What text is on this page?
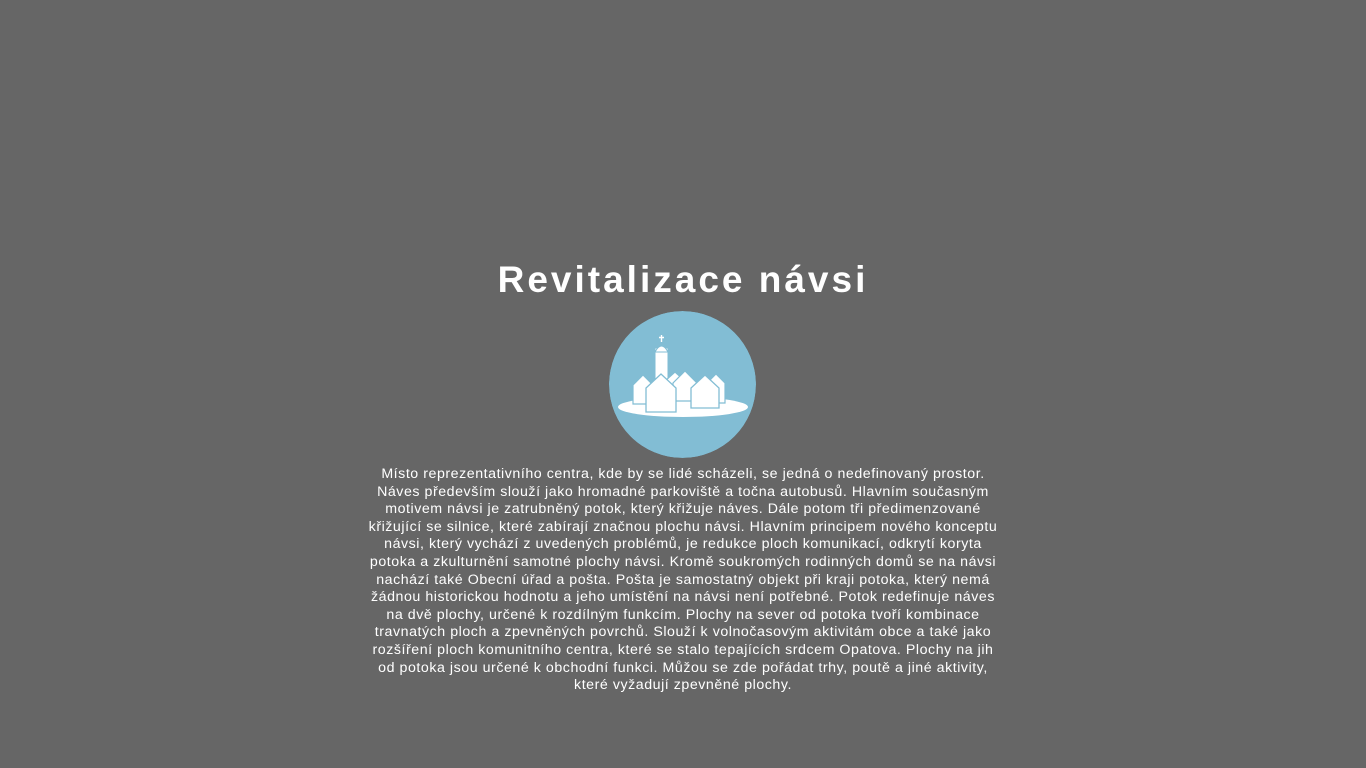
Revitalizace návsi
Místo reprezentativního centra, kde by se lidé scházeli, se jedná o nedefinovaný prostor.
Náves především slouží jako hromadné parkoviště a točna autobusů. Hlavním současným
motivem návsi je zatrubněný potok, který křižuje náves. Dále potom tři předimenzované
křižující se silnice, které zabírají značnou plochu návsi. Hlavním principem nového konceptu
návsi, který vychází z uvedených problémů, je redukce ploch komunikací, odkrytí koryta
potoka a zkulturnění samotné plochy návsi. Kromě soukromých rodinných domů se na návsi
nachází také Obecní úřad a pošta. Pošta je samostatný objekt při kraji potoka, který nemá
žádnou historickou hodnotu a jeho umístění na návsi není potřebné. Potok redefinuje náves
na dvě plochy, určené k rozdílným funkcím. Plochy na sever od potoka tvoří kombinace
travnatých ploch a zpevněných povrchů. Slouží k volnočasovým aktivitám obce a také jako
rozšíření ploch komunitního centra, které se stalo tepajících srdcem Opatova. Plochy na jih
od potoka jsou určené k obchodní funkci. Můžou se zde pořádat trhy, poutě a jiné aktivity,
které vyžadují zpevněné plochy.
